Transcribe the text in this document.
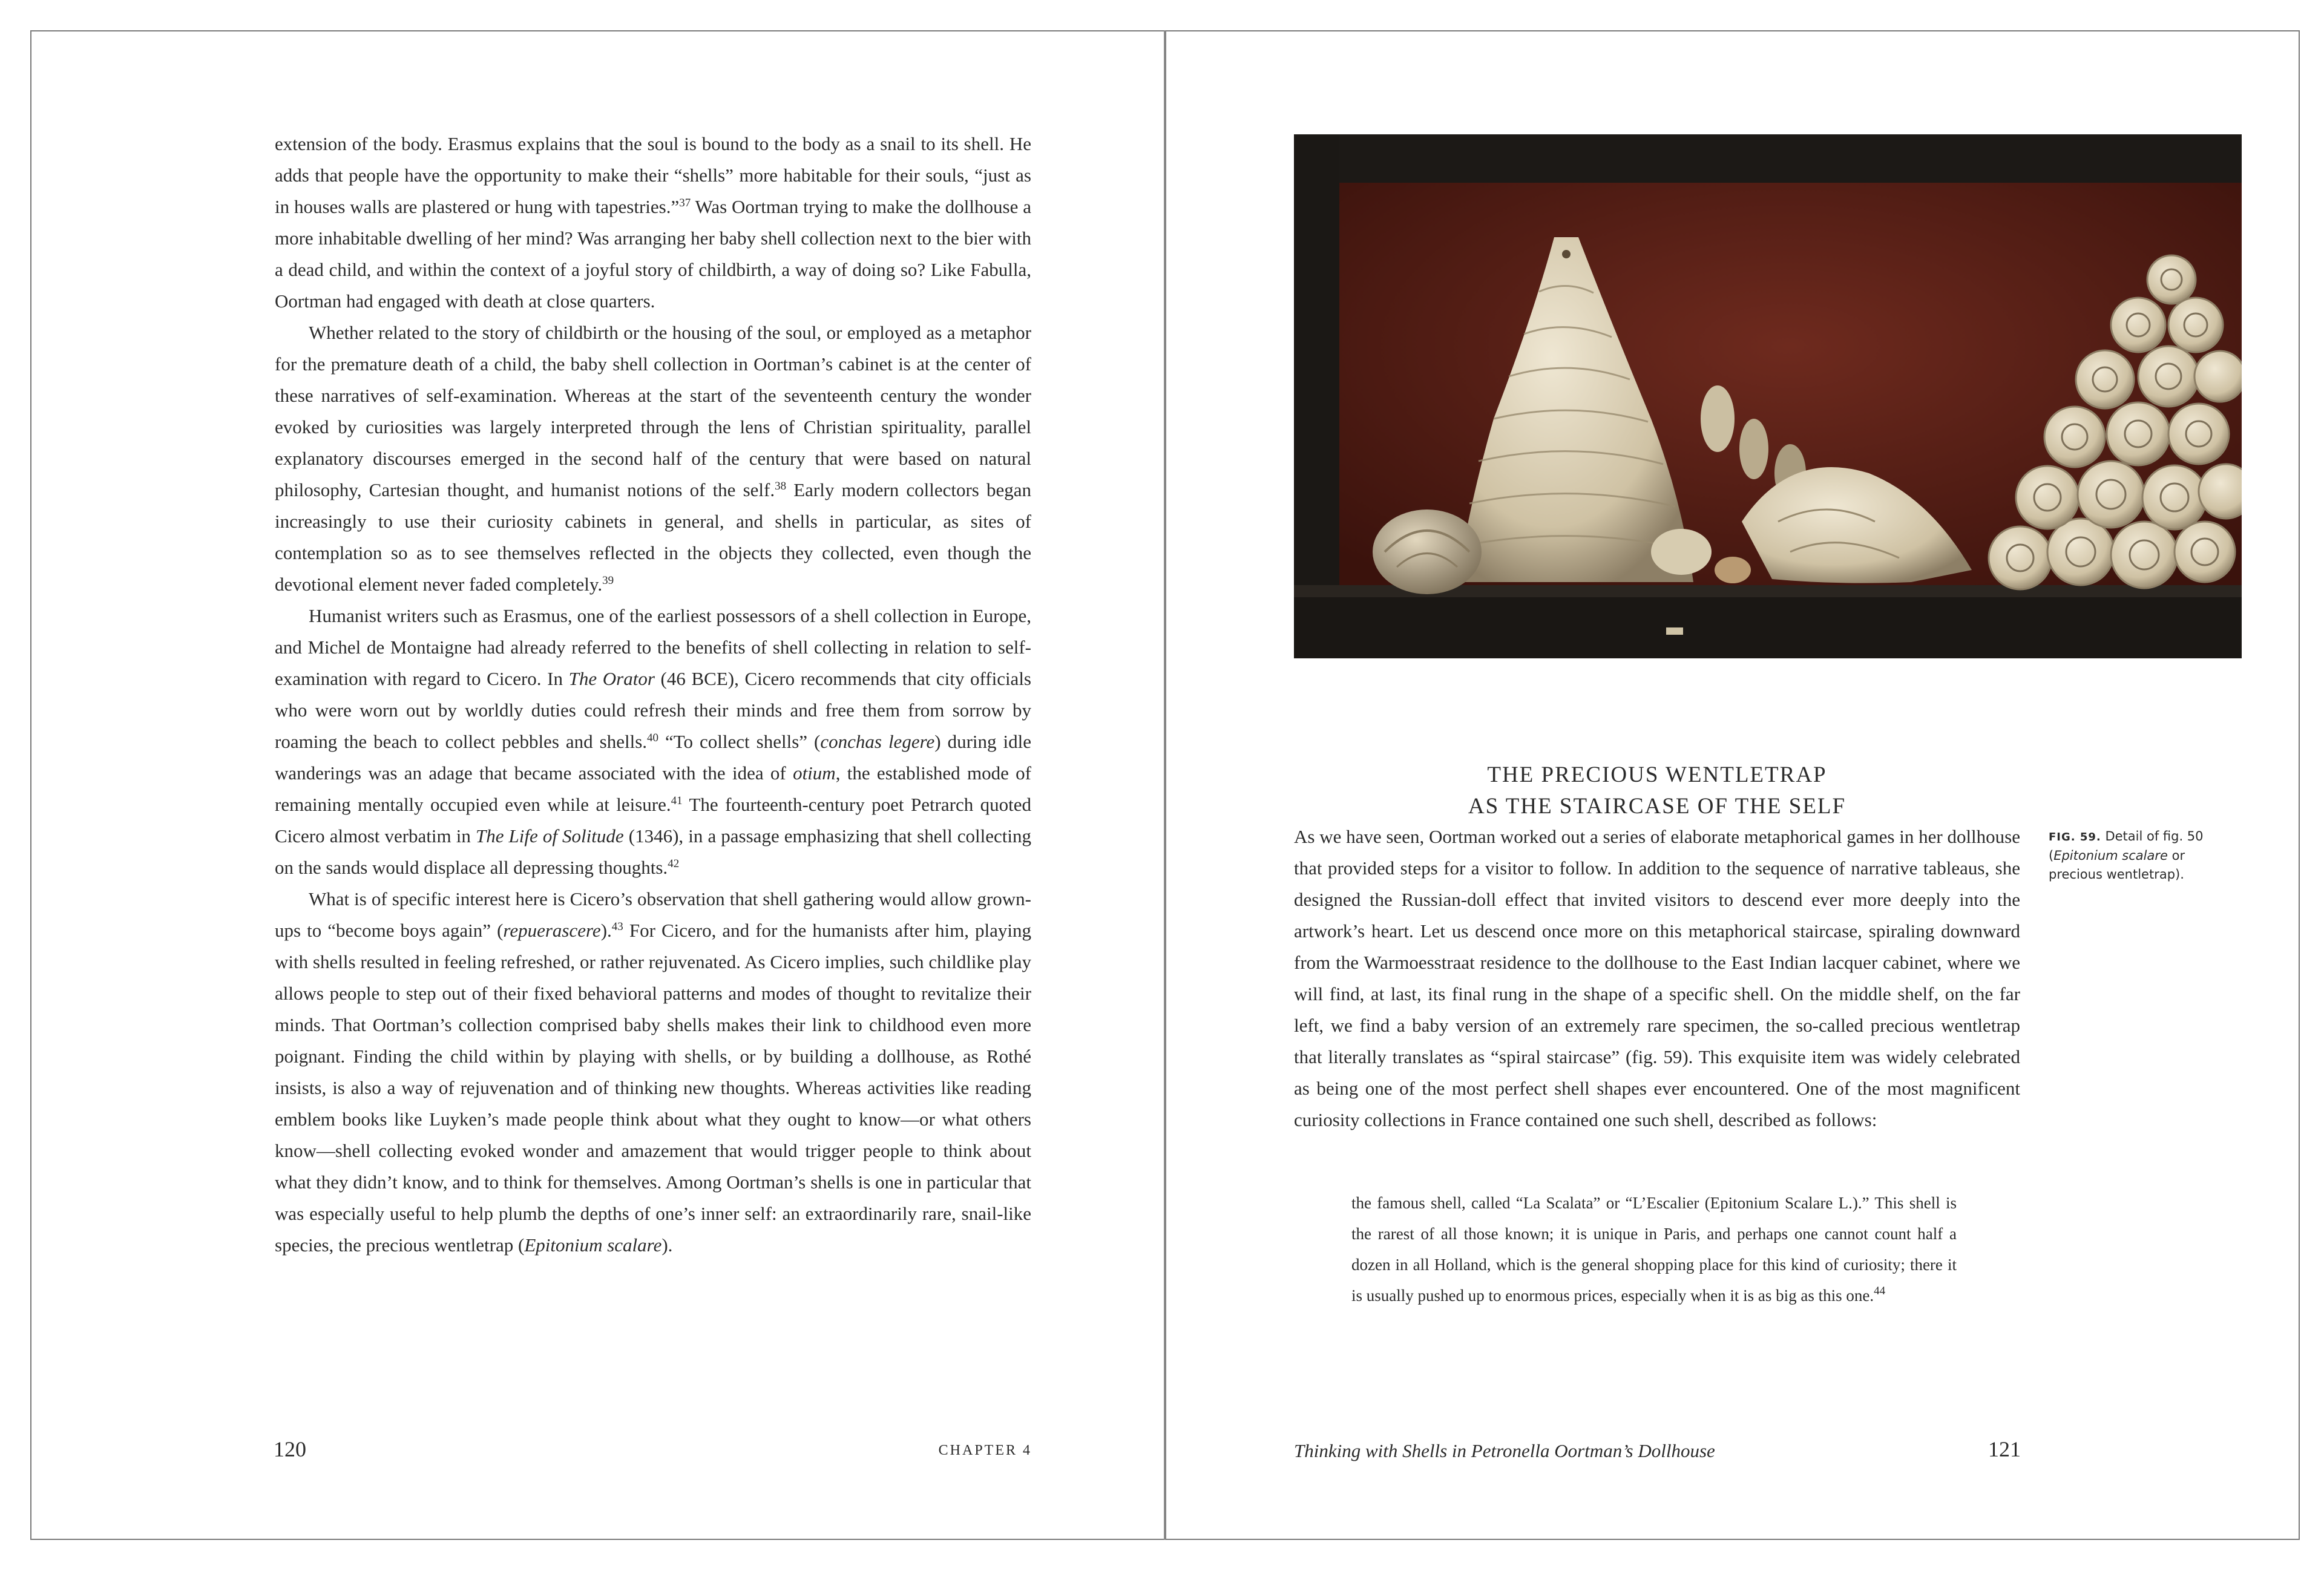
extension of the body. Erasmus explains that the soul is bound to the body as a snail to its shell. He adds that people have the opportunity to make their “shells” more habitable for their souls, “just as in houses walls are plastered or hung with tapestries.”$^{37}$ Was Oortman trying to make the dollhouse a more inhabitable dwelling of her mind? Was arranging her baby shell collection next to the bier with a dead child, and within the context of a joyful story of childbirth, a way of doing so? Like Fabulla, Oortman had engaged with death at close quarters.

Whether related to the story of childbirth or the housing of the soul, or employed as a metaphor for the premature death of a child, the baby shell collection in Oortman’s cabinet is at the center of these narratives of self-examination. Whereas at the start of the seventeenth century the wonder evoked by curiosities was largely interpreted through the lens of Christian spirituality, parallel explanatory discourses emerged in the second half of the century that were based on natural philosophy, Cartesian thought, and humanist notions of the self.$^{38}$ Early modern collectors began increasingly to use their curiosity cabinets in general, and shells in particular, as sites of contemplation so as to see themselves reflected in the objects they collected, even though the devotional element never faded completely.$^{39}$

Humanist writers such as Erasmus, one of the earliest possessors of a shell collection in Europe, and Michel de Montaigne had already referred to the benefits of shell collecting in relation to self-examination with regard to Cicero. In The Orator (46 BCE), Cicero recommends that city officials who were worn out by worldly duties could refresh their minds and free them from sorrow by roaming the beach to collect pebbles and shells.$^{40}$ “To collect shells” (conchas legere) during idle wanderings was an adage that became associated with the idea of otium, the established mode of remaining mentally occupied even while at leisure.$^{41}$ The fourteenth-century poet Petrarch quoted Cicero almost verbatim in The Life of Solitude (1346), in a passage emphasizing that shell collecting on the sands would displace all depressing thoughts.$^{42}$

What is of specific interest here is Cicero’s observation that shell gathering would allow grown-ups to “become boys again” (repuerascere).$^{43}$ For Cicero, and for the humanists after him, playing with shells resulted in feeling refreshed, or rather rejuvenated. As Cicero implies, such childlike play allows people to step out of their fixed behavioral patterns and modes of thought to revitalize their minds. That Oortman’s collection comprised baby shells makes their link to childhood even more poignant. Finding the child within by playing with shells, or by building a dollhouse, as Rothé insists, is also a way of rejuvenation and of thinking new thoughts. Whereas activities like reading emblem books like Luyken’s made people think about what they ought to know—or what others know—shell collecting evoked wonder and amazement that would trigger people to think about what they didn’t know, and to think for themselves. Among Oortman’s shells is one in particular that was especially useful to help plumb the depths of one’s inner self: an extraordinarily rare, snail-like species, the precious wentletrap (Epitonium scalare).

120	CHAPTER 4
THE PRECIOUS WENTLETRAP
AS THE STAIRCASE OF THE SELF

As we have seen, Oortman worked out a series of elaborate metaphorical games in her dollhouse that provided steps for a visitor to follow. In addition to the sequence of narrative tableaus, she designed the Russian-doll effect that invited visitors to descend ever more deeply into the artwork’s heart. Let us descend once more on this metaphorical staircase, spiraling downward from the Warmoesstraat residence to the dollhouse to the East Indian lacquer cabinet, where we will find, at last, its final rung in the shape of a specific shell. On the middle shelf, on the far left, we find a baby version of an extremely rare specimen, the so-called precious wentletrap that literally translates as “spiral staircase” (fig. 59). This exquisite item was widely celebrated as being one of the most perfect shell shapes ever encountered. One of the most magnificent curiosity collections in France contained one such shell, described as follows:

FIG. 59. Detail of fig. 50 (Epitonium scalare or precious wentletrap).
the famous shell, called “La Scalata” or “L’Escalier (Epitonium Scalare L.).” This shell is the rarest of all those known; it is unique in Paris, and perhaps one cannot count half a dozen in all Holland, which is the general shopping place for this kind of curiosity; there it is usually pushed up to enormous prices, especially when it is as big as this one.$^{44}$
Thinking with Shells in Petronella Oortman’s Dollhouse	121
